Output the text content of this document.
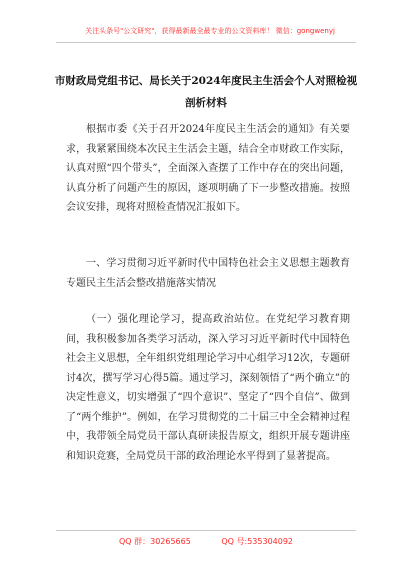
关注头条号"公文研究"，获得最新最全最专业的公文资料库！ 微信：gongwenyj
市财政局党组书记、局长关于2024年度民主生活会个人对照检视剖析材料
根据市委《关于召开2024年度民主生活会的通知》有关要求，我紧紧围绕本次民主生活会主题，结合全市财政工作实际，认真对照“四个带头”，全面深入查摆了工作中存在的突出问题，认真分析了问题产生的原因，逐项明确了下一步整改措施。按照会议安排，现将对照检查情况汇报如下。
一、学习贯彻习近平新时代中国特色社会主义思想主题教育专题民主生活会整改措施落实情况
（一）强化理论学习，提高政治站位。在党纪学习教育期间，我积极参加各类学习活动，深入学习习近平新时代中国特色社会主义思想，全年组织党组理论学习中心组学习12次，专题研讨4次，撰写学习心得5篇。通过学习，深刻领悟了“两个确立”的决定性意义，切实增强了“四个意识”、坚定了“四个自信”、做到了“两个维护”。例如，在学习贯彻党的二十届三中全会精神过程中，我带领全局党员干部认真研读报告原文，组织开展专题讲座和知识竞赛，全局党员干部的政治理论水平得到了显著提高。
QQ 群：30265665	QQ 号:535304092
